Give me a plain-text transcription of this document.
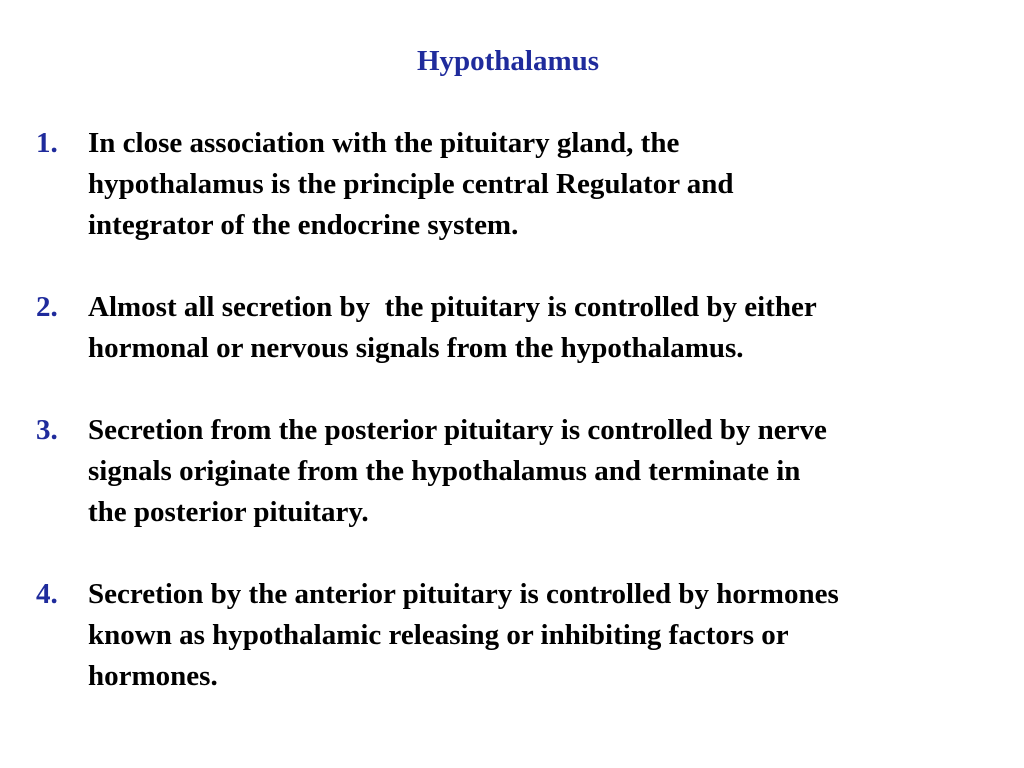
Hypothalamus
1. In close association with the pituitary gland, the
hypothalamus is the principle central Regulator and
integrator of the endocrine system.
2. Almost all secretion by  the pituitary is controlled by either
hormonal or nervous signals from the hypothalamus.
3. Secretion from the posterior pituitary is controlled by nerve
signals originate from the hypothalamus and terminate in
the posterior pituitary.
4. Secretion by the anterior pituitary is controlled by hormones
known as hypothalamic releasing or inhibiting factors or
hormones.
